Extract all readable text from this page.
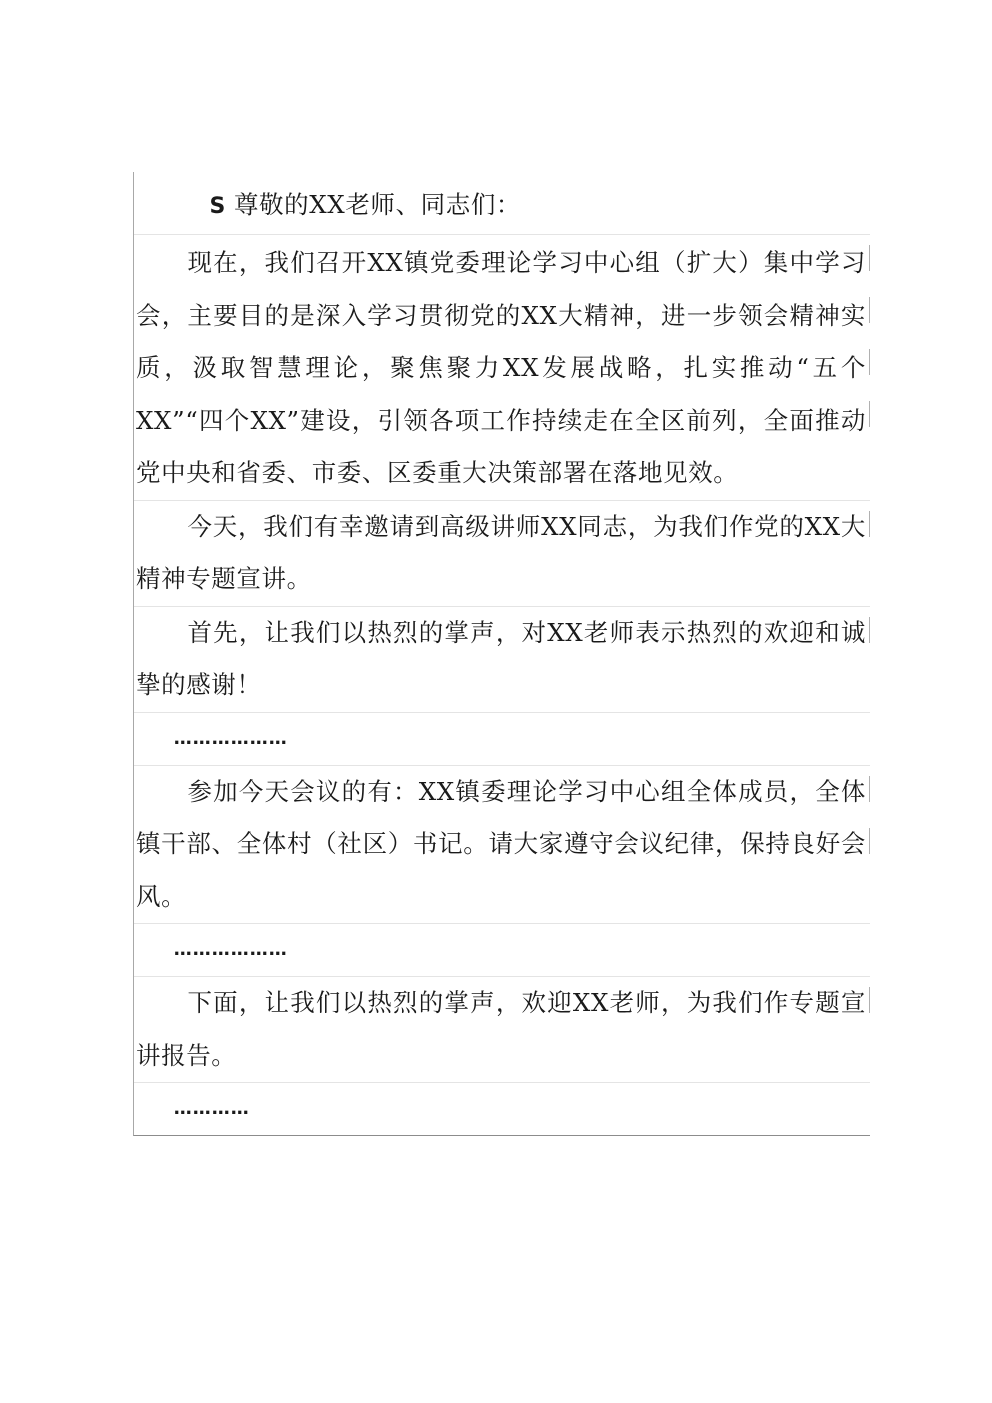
S 尊敬的XX老师、同志们：

现在，我们召开XX镇党委理论学习中心组（扩大）集中学习会，主要目的是深入学习贯彻党的XX大精神，进一步领会精神实质，汲取智慧理论，聚焦聚力XX发展战略，扎实推动“五个XX”“四个XX”建设，引领各项工作持续走在全区前列，全面推动党中央和省委、市委、区委重大决策部署在落地见效。

今天，我们有幸邀请到高级讲师XX同志，为我们作党的XX大精神专题宣讲。

首先，让我们以热烈的掌声，对XX老师表示热烈的欢迎和诚挚的感谢！

………………

参加今天会议的有：XX镇委理论学习中心组全体成员，全体镇干部、全体村（社区）书记。请大家遵守会议纪律，保持良好会风。

………………

下面，让我们以热烈的掌声，欢迎XX老师，为我们作专题宣讲报告。

…………
